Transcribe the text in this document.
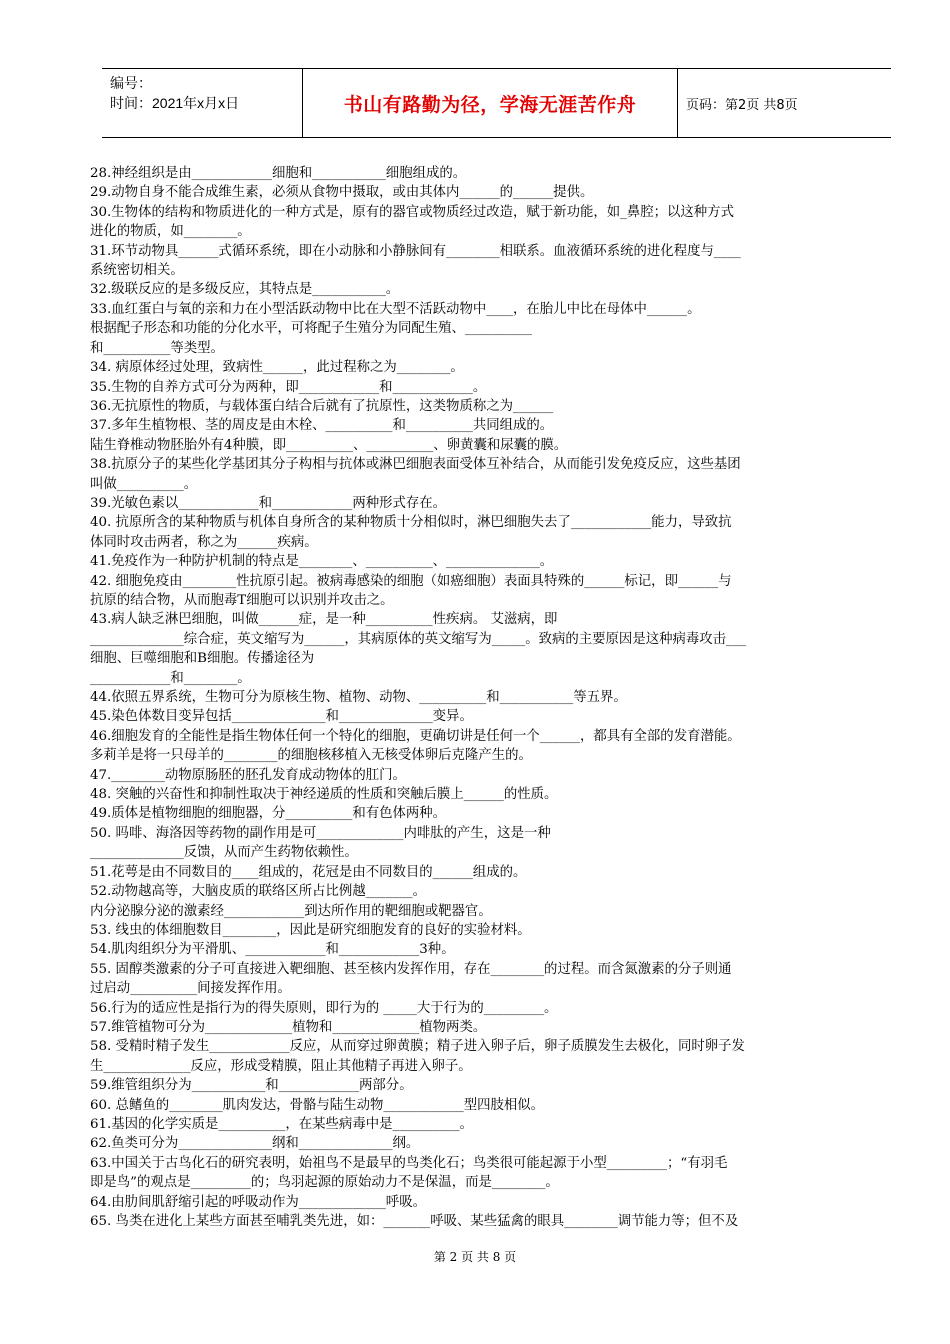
编号：
时间：2021年x月x日	书山有路勤为径，学海无涯苦作舟	页码：第2页 共8页
28.神经组织是由____________细胞和___________细胞组成的。
29.动物自身不能合成维生素，必须从食物中摄取，或由其体内______的______提供。
30.生物体的结构和物质进化的一种方式是，原有的器官或物质经过改造，赋于新功能，如_鼻腔；以这种方式
进化的物质，如________。
31.环节动物具______式循环系统，即在小动脉和小静脉间有________相联系。血液循环系统的进化程度与____
系统密切相关。
32.级联反应的是多级反应，其特点是___________。
33.血红蛋白与氧的亲和力在小型活跃动物中比在大型不活跃动物中____，在胎儿中比在母体中______。
根据配子形态和功能的分化水平，可将配子生殖分为同配生殖、__________
和__________等类型。
34. 病原体经过处理，致病性______，此过程称之为________。
35.生物的自养方式可分为两种，即____________和____________。
36.无抗原性的物质，与载体蛋白结合后就有了抗原性，这类物质称之为______
37.多年生植物根、茎的周皮是由木栓、__________和__________共同组成的。
陆生脊椎动物胚胎外有4种膜，即__________、__________、卵黄囊和尿囊的膜。
38.抗原分子的某些化学基团其分子构相与抗体或淋巴细胞表面受体互补结合，从而能引发免疫反应，这些基团
叫做__________。
39.光敏色素以____________和____________两种形式存在。
40. 抗原所含的某种物质与机体自身所含的某种物质十分相似时，淋巴细胞失去了____________能力，导致抗
体同时攻击两者，称之为______疾病。
41.免疫作为一种防护机制的特点是________、__________、______________。
42. 细胞免疫由________性抗原引起。被病毒感染的细胞（如癌细胞）表面具特殊的______标记，即______与
抗原的结合物，从而胞毒T细胞可以识别并攻击之。
43.病人缺乏淋巴细胞，叫做______症，是一种__________性疾病。 艾滋病，即
______________综合症，英文缩写为______，其病原体的英文缩写为_____。致病的主要原因是这种病毒攻击___
细胞、巨噬细胞和B细胞。传播途径为
____________和________。
44.依照五界系统，生物可分为原核生物、植物、动物、__________和___________等五界。
45.染色体数目变异包括______________和______________变异。
46.细胞发育的全能性是指生物体任何一个特化的细胞，更确切讲是任何一个______，都具有全部的发育潜能。
多莉羊是将一只母羊的________的细胞核移植入无核受体卵后克隆产生的。
47.________动物原肠胚的胚孔发育成动物体的肛门。
48. 突触的兴奋性和抑制性取决于神经递质的性质和突触后膜上______的性质。
49.质体是植物细胞的细胞器，分__________和有色体两种。
50. 吗啡、海洛因等药物的副作用是可_____________内啡肽的产生，这是一种
______________反馈，从而产生药物依赖性。
51.花萼是由不同数目的____组成的，花冠是由不同数目的______组成的。
52.动物越高等，大脑皮质的联络区所占比例越_______。
内分泌腺分泌的激素经____________到达所作用的靶细胞或靶器官。
53. 线虫的体细胞数目________，因此是研究细胞发育的良好的实验材料。
54.肌肉组织分为平滑肌、____________和____________3种。
55. 固醇类激素的分子可直接进入靶细胞、甚至核内发挥作用，存在________的过程。而含氮激素的分子则通
过启动__________间接发挥作用。
56.行为的适应性是指行为的得失原则，即行为的 _____大于行为的_________。
57.维管植物可分为_____________植物和_____________植物两类。
58. 受精时精子发生____________反应，从而穿过卵黄膜；精子进入卵子后，卵子质膜发生去极化，同时卵子发
生_____________反应，形成受精膜，阻止其他精子再进入卵子。
59.维管组织分为___________和____________两部分。
60. 总鳍鱼的________肌肉发达，骨骼与陆生动物____________型四肢相似。
61.基因的化学实质是__________，在某些病毒中是__________。
62.鱼类可分为______________纲和______________纲。
63.中国关于古鸟化石的研究表明，始祖鸟不是最早的鸟类化石；鸟类很可能起源于小型_________；“有羽毛
即是鸟”的观点是_________的；鸟羽起源的原始动力不是保温，而是________。
64.由肋间肌舒缩引起的呼吸动作为_____________呼吸。
65. 鸟类在进化上某些方面甚至哺乳类先进，如：_______呼吸、某些猛禽的眼具________调节能力等；但不及
第 2 页 共 8 页
